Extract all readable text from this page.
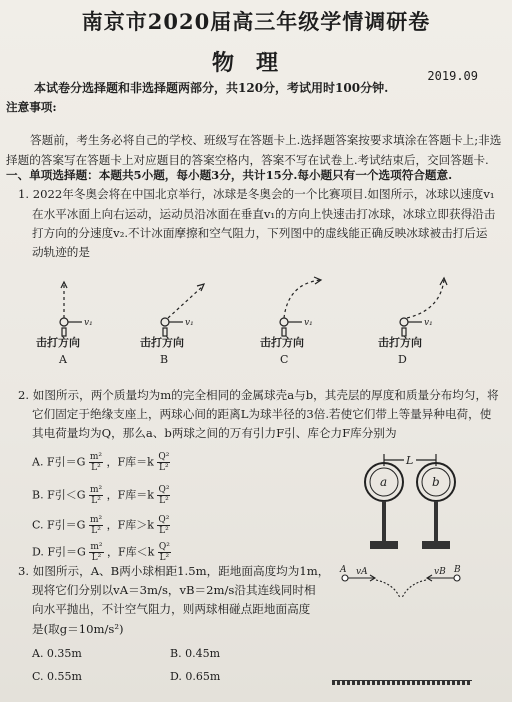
南京市2020届高三年级学情调研卷
物理	2019.09
本试卷分选择题和非选择题两部分，共120分，考试用时100分钟.
注意事项:
答题前，考生务必将自己的学校、班级写在答题卡上.选择题答案按要求填涂在答题卡上;非选
择题的答案写在答题卡上对应题目的答案空格内，答案不写在试卷上.考试结束后，交回答题卡.
一、单项选择题：本题共5小题，每小题3分，共计15分.每小题只有一个选项符合题意.
1. 2022年冬奥会将在中国北京举行，冰球是冬奥会的一个比赛项目.如图所示，冰球以速度v₁
在水平冰面上向右运动，运动员沿冰面在垂直v₁的方向上快速击打冰球，冰球立即获得沿击
打方向的分速度v₂.不计冰面摩擦和空气阻力，下列图中的虚线能正确反映冰球被击打后运
动轨迹的是
v₁	v₁	v₁	v₁
击打方向	击打方向	击打方向	击打方向
A	B	C	D
2. 如图所示，两个质量均为m的完全相同的金属球壳a与b，其壳层的厚度和质量分布均匀，将
它们固定于绝缘支座上，两球心间的距离L为球半径的3倍.若使它们带上等量异种电荷，使
其电荷量均为Q，那么a、b两球之间的万有引力F引、库仑力F库分别为
A. F引$=G \frac{\text{m²}}{\text{L²}}$ ，F库$=k \frac{\text{Q²}}{\text{L²}}$
B. F引$<G \frac{\text{m²}}{\text{L²}}$ ，F库$=k \frac{\text{Q²}}{\text{L²}}$
C. F引$=G \frac{\text{m²}}{\text{L²}}$ ，F库$>k \frac{\text{Q²}}{\text{L²}}$
D. F引$=G \frac{\text{m²}}{\text{L²}}$ ，F库$<k \frac{\text{Q²}}{\text{L²}}$
L
a	b
3. 如图所示，A、B两小球相距1.5m，距地面高度均为1m，
现将它们分别以vA＝3m/s，vB＝2m/s沿其连线同时相
向水平抛出，不计空气阻力，则两球相碰点距地面高度
是(取g＝10m/s²)
A. 0.35m	B. 0.45m
C. 0.55m	D. 0.65m
A	B
vA	vB
